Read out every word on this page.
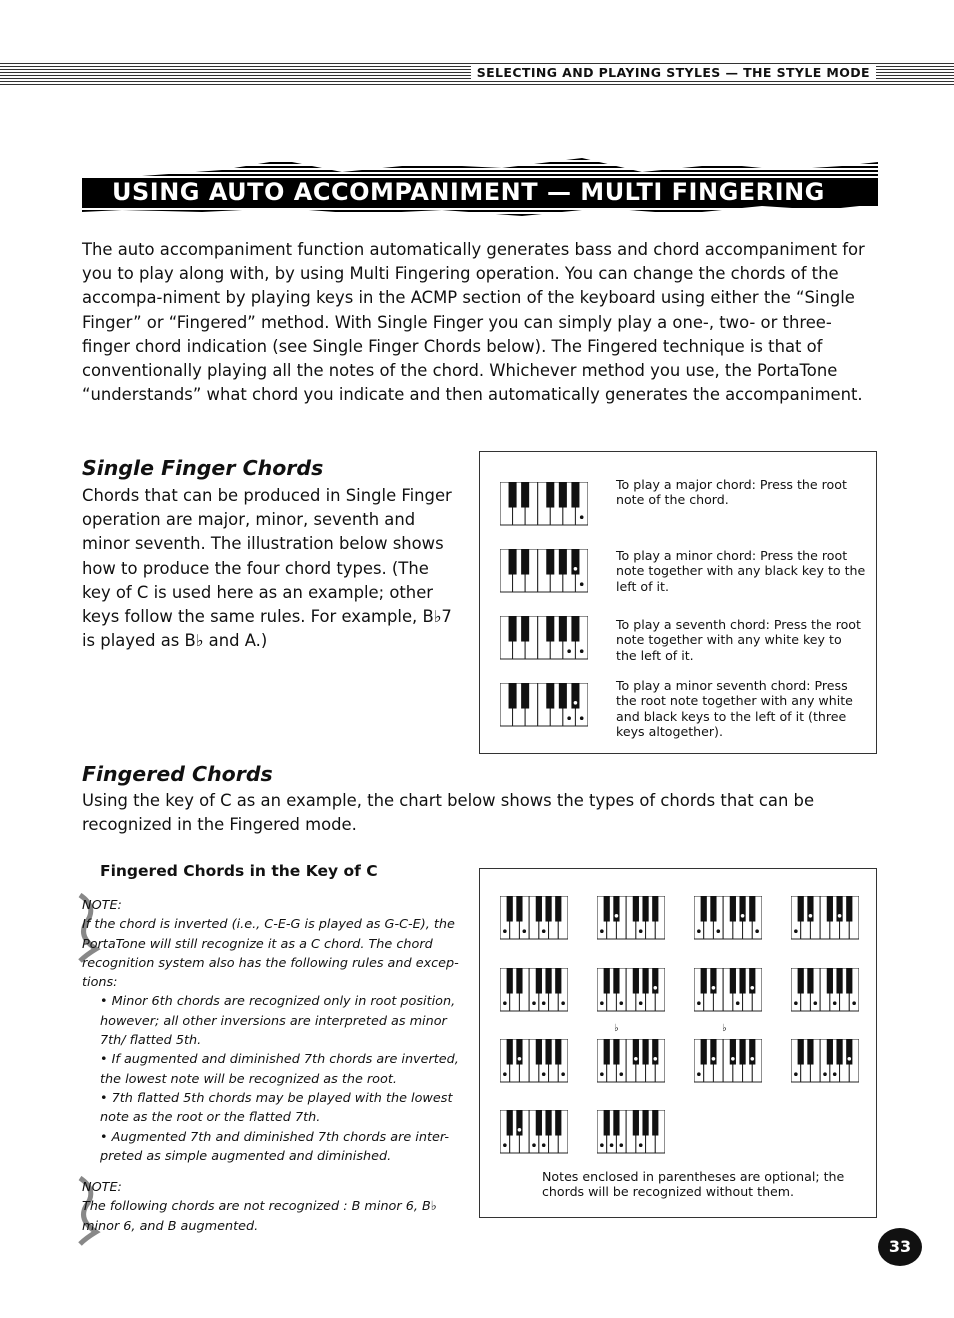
SELECTING AND PLAYING STYLES — THE STYLE MODE
USING AUTO ACCOMPANIMENT — MULTI FINGERING
The auto accompaniment function automatically generates bass and chord accompaniment for you to play along with, by using Multi Fingering operation. You can change the chords of the accompa-niment by playing keys in the ACMP section of the keyboard using either the “Single Finger” or “Fingered” method. With Single Finger you can simply play a one-, two- or three-finger chord indication (see Single Finger Chords below). The Fingered technique is that of conventionally playing all the notes of the chord. Whichever method you use, the PortaTone “understands” what chord you indicate and then automatically generates the accompaniment.
Single Finger Chords
Chords that can be produced in Single Finger operation are major, minor, seventh and minor seventh. The illustration below shows how to produce the four chord types. (The key of C is used here as an example; other keys follow the same rules. For example, B♭7 is played as B♭ and A.)
To play a major chord: Press the root note of the chord.
To play a minor chord: Press the root note together with any black key to the left of it.
To play a seventh chord: Press the root note together with any white key to the left of it.
To play a minor seventh chord: Press the root note together with any white and black keys to the left of it (three keys altogether).
Fingered Chords
Using the key of C as an example, the chart below shows the types of chords that can be recognized in the Fingered mode.
Fingered Chords in the Key of C
♭	♭
Notes enclosed in parentheses are optional; the chords will be recognized without them.
NOTE:
If the chord is inverted (i.e., C-E-G is played as G-C-E), the PortaTone will still recognize it as a C chord. The chord recognition system also has the following rules and excep-tions:
• Minor 6th chords are recognized only in root position, however; all other inversions are interpreted as minor 7th/ flatted 5th.
• If augmented and diminished 7th chords are inverted, the lowest note will be recognized as the root.
• 7th flatted 5th chords may be played with the lowest note as the root or the flatted 7th.
• Augmented 7th and diminished 7th chords are inter-preted as simple augmented and diminished.
NOTE:
The following chords are not recognized : B minor 6, B♭ minor 6, and B augmented.
33
